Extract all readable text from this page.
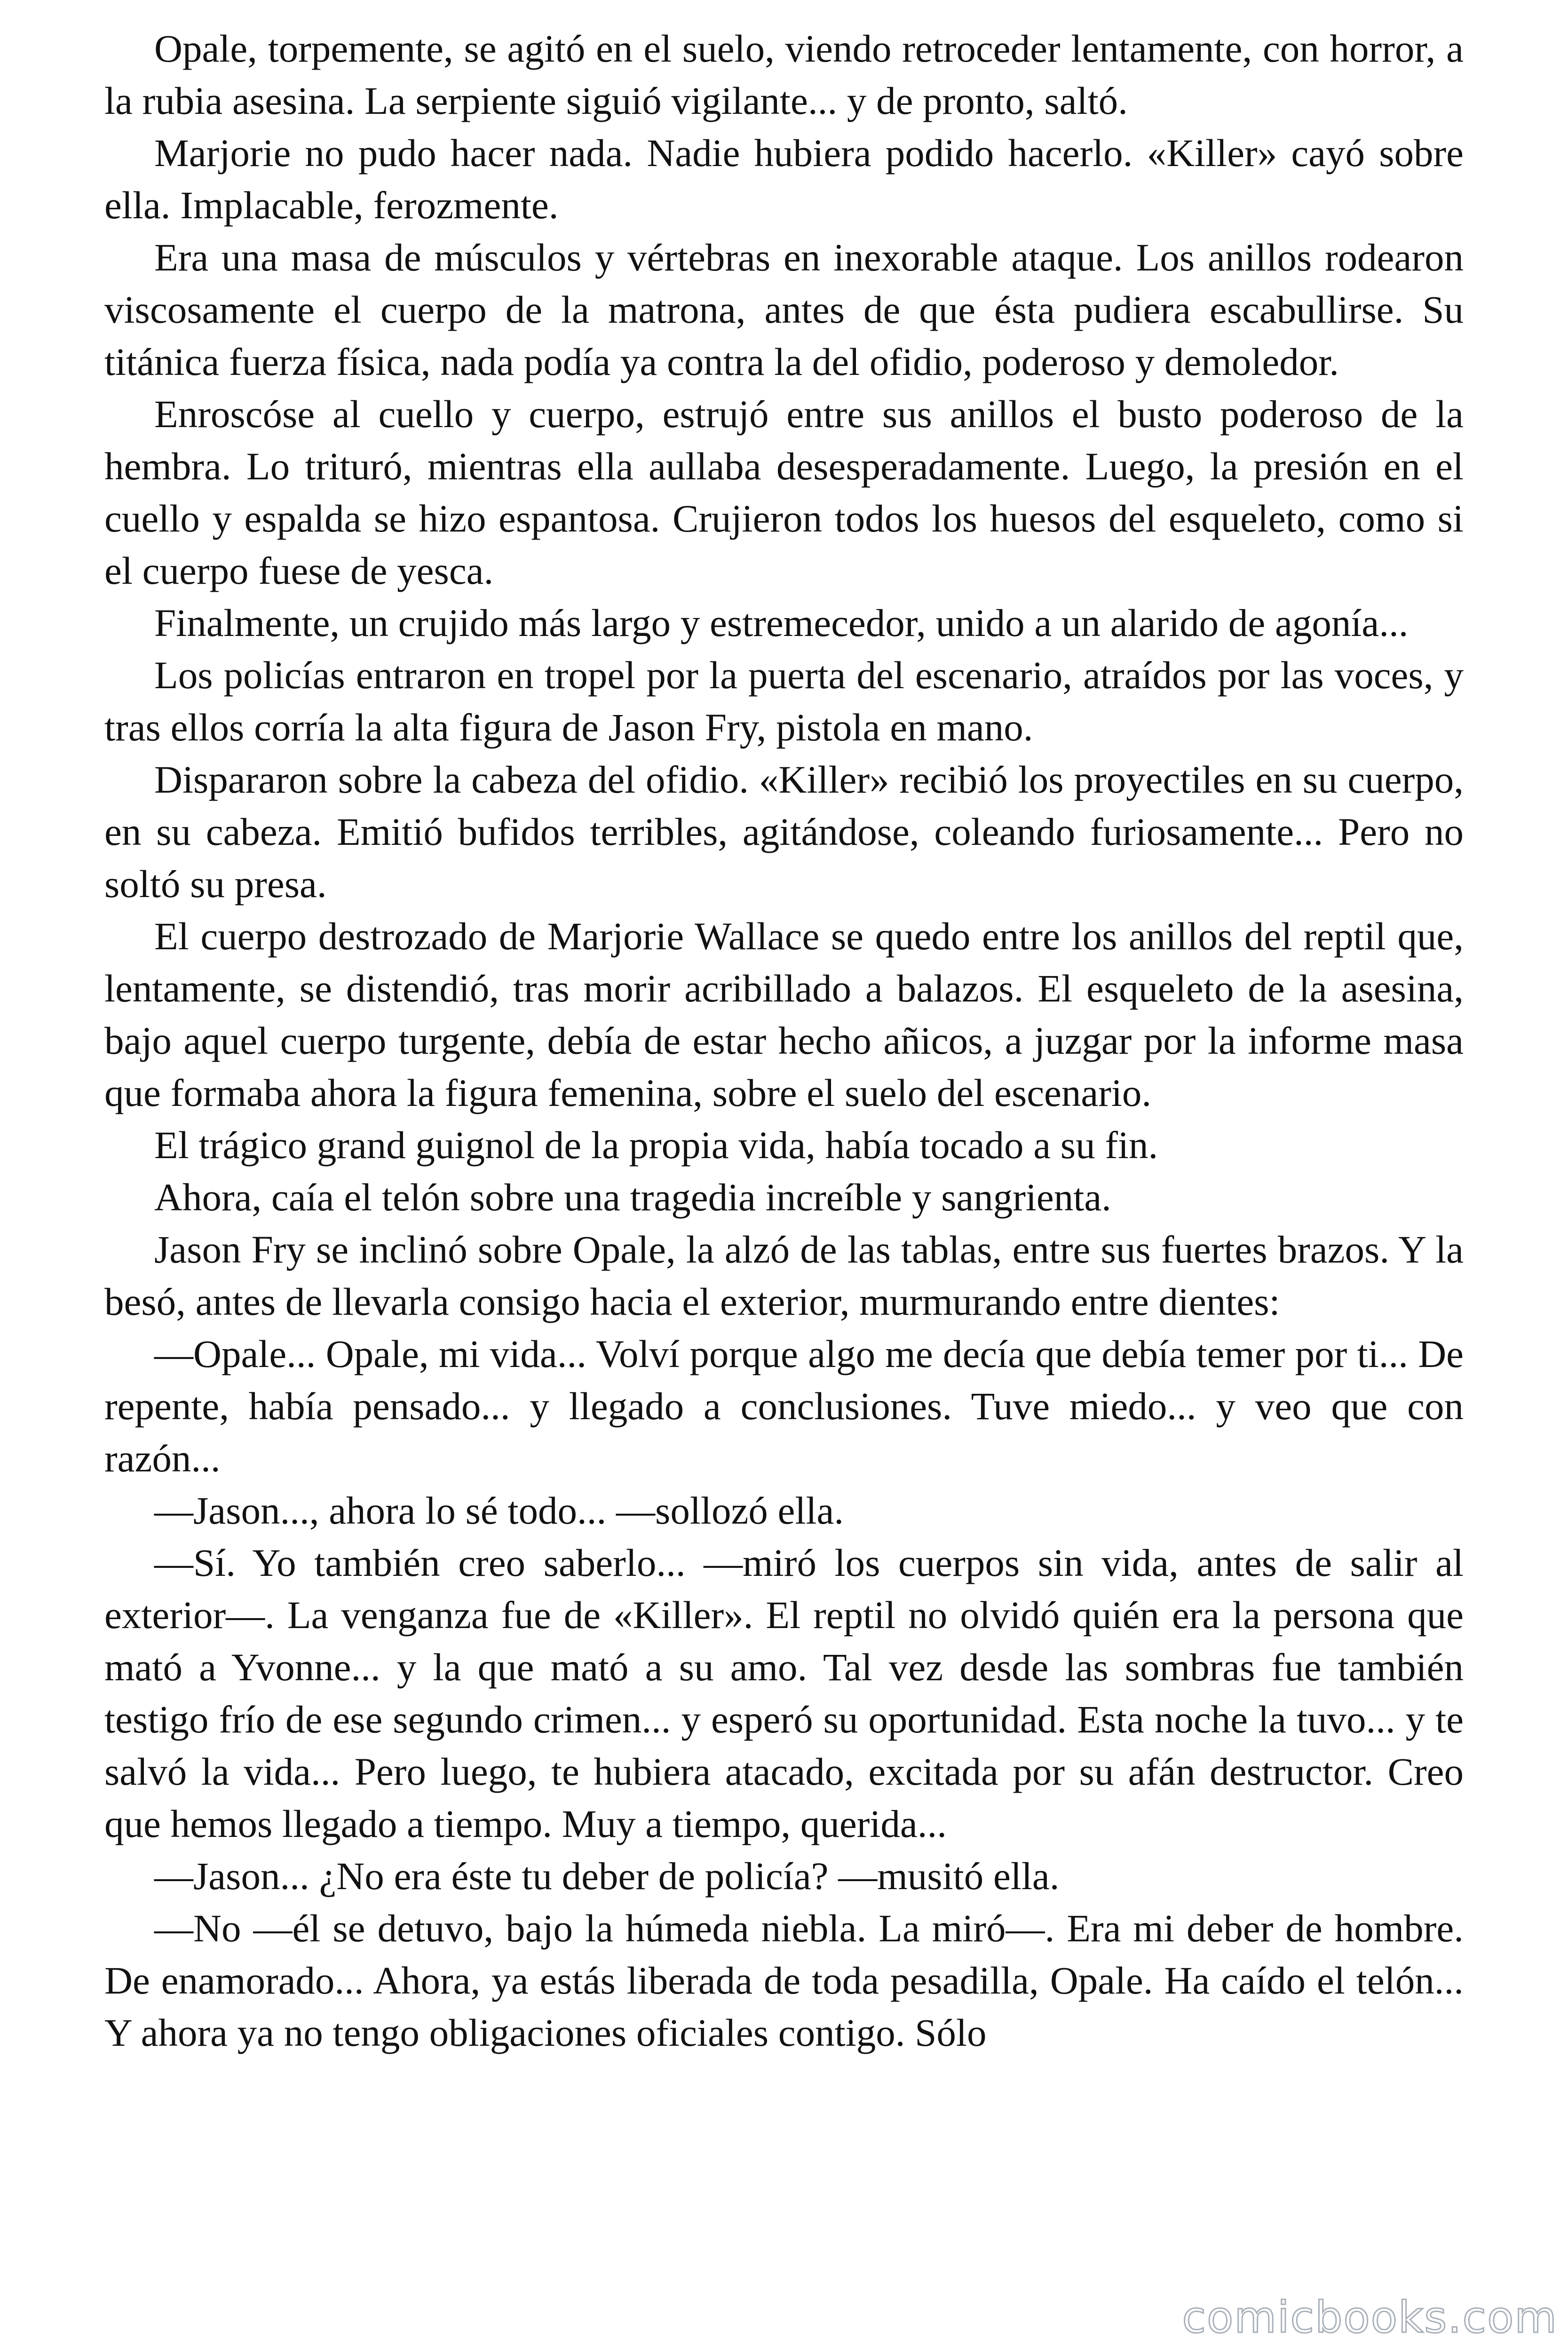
Opale, torpemente, se agitó en el suelo, viendo retroceder lentamente, con horror, a la rubia asesina. La serpiente siguió vigilante... y de pronto, saltó.

Marjorie no pudo hacer nada. Nadie hubiera podido hacerlo. «Killer» cayó sobre ella. Implacable, ferozmente.

Era una masa de músculos y vértebras en inexorable ataque. Los anillos rodearon viscosamente el cuerpo de la matrona, antes de que ésta pudiera escabullirse. Su titánica fuerza física, nada podía ya contra la del ofidio, poderoso y demoledor.

Enroscóse al cuello y cuerpo, estrujó entre sus anillos el busto poderoso de la hembra. Lo trituró, mientras ella aullaba desesperadamente. Luego, la presión en el cuello y espalda se hizo espantosa. Crujieron todos los huesos del esqueleto, como si el cuerpo fuese de yesca.

Finalmente, un crujido más largo y estremecedor, unido a un alarido de agonía...

Los policías entraron en tropel por la puerta del escenario, atraídos por las voces, y tras ellos corría la alta figura de Jason Fry, pistola en mano.

Dispararon sobre la cabeza del ofidio. «Killer» recibió los proyectiles en su cuerpo, en su cabeza. Emitió bufidos terribles, agitándose, coleando furiosamente... Pero no soltó su presa.

El cuerpo destrozado de Marjorie Wallace se quedo entre los anillos del reptil que, lentamente, se distendió, tras morir acribillado a balazos. El esqueleto de la asesina, bajo aquel cuerpo turgente, debía de estar hecho añicos, a juzgar por la informe masa que formaba ahora la figura femenina, sobre el suelo del escenario.

El trágico grand guignol de la propia vida, había tocado a su fin.

Ahora, caía el telón sobre una tragedia increíble y sangrienta.

Jason Fry se inclinó sobre Opale, la alzó de las tablas, entre sus fuertes brazos. Y la besó, antes de llevarla consigo hacia el exterior, murmurando entre dientes:

—Opale... Opale, mi vida... Volví porque algo me decía que debía temer por ti... De repente, había pensado... y llegado a conclusiones. Tuve miedo... y veo que con razón...

—Jason..., ahora lo sé todo... —sollozó ella.

—Sí. Yo también creo saberlo... —miró los cuerpos sin vida, antes de salir al exterior—. La venganza fue de «Killer». El reptil no olvidó quién era la persona que mató a Yvonne... y la que mató a su amo. Tal vez desde las sombras fue también testigo frío de ese segundo crimen... y esperó su oportunidad. Esta noche la tuvo... y te salvó la vida... Pero luego, te hubiera atacado, excitada por su afán destructor. Creo que hemos llegado a tiempo. Muy a tiempo, querida...

—Jason... ¿No era éste tu deber de policía? —musitó ella.

—No —él se detuvo, bajo la húmeda niebla. La miró—. Era mi deber de hombre. De enamorado... Ahora, ya estás liberada de toda pesadilla, Opale. Ha caído el telón... Y ahora ya no tengo obligaciones oficiales contigo. Sólo

comicbooks.com
